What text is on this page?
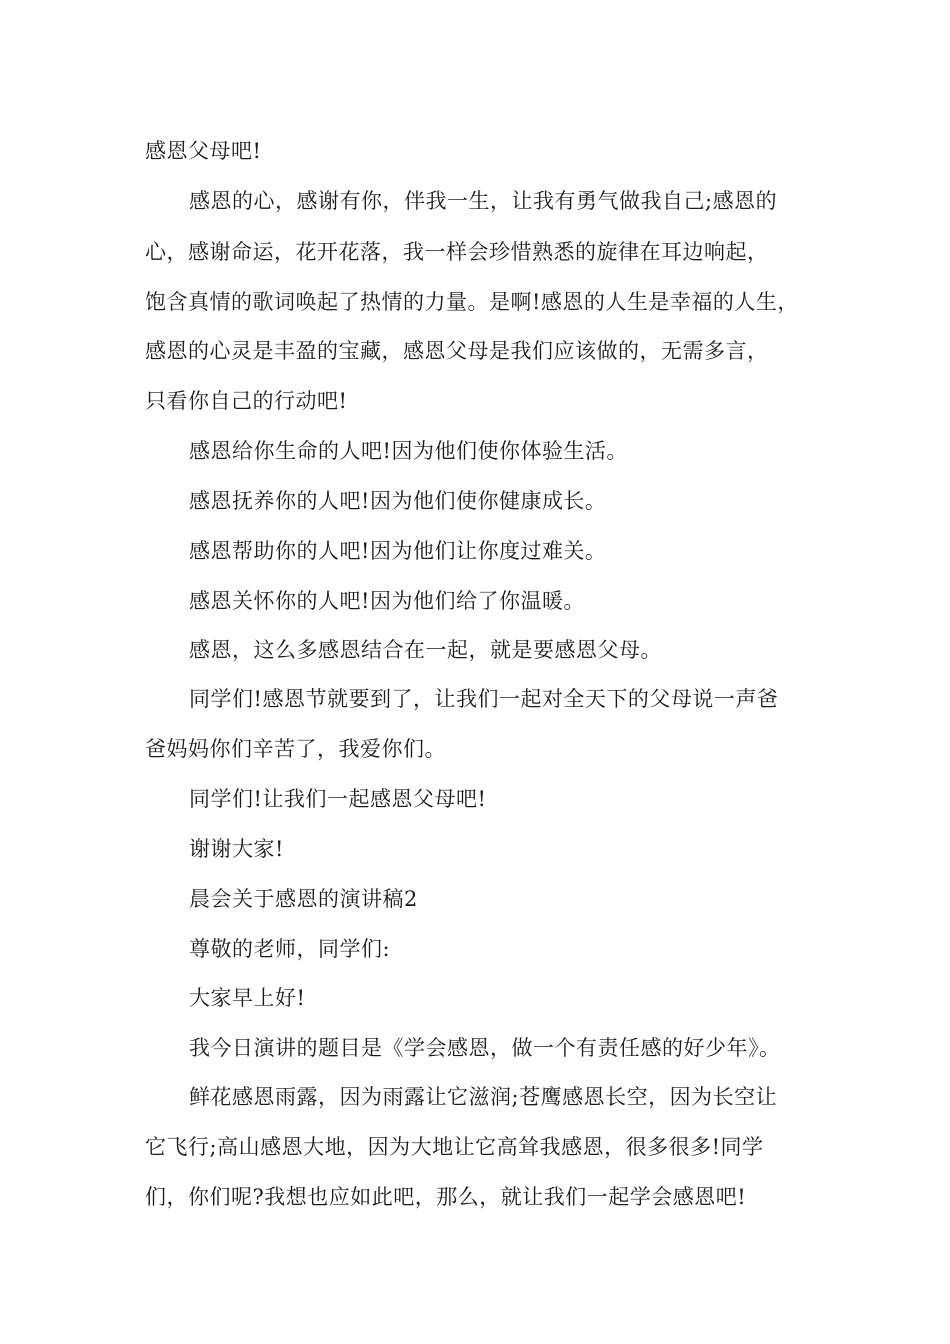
感恩父母吧!
感恩的心，感谢有你，伴我一生，让我有勇气做我自己;感恩的
心，感谢命运，花开花落，我一样会珍惜熟悉的旋律在耳边响起，
饱含真情的歌词唤起了热情的力量。是啊!感恩的人生是幸福的人生，
感恩的心灵是丰盈的宝藏，感恩父母是我们应该做的，无需多言，
只看你自己的行动吧!
感恩给你生命的人吧!因为他们使你体验生活。
感恩抚养你的人吧!因为他们使你健康成长。
感恩帮助你的人吧!因为他们让你度过难关。
感恩关怀你的人吧!因为他们给了你温暖。
感恩，这么多感恩结合在一起，就是要感恩父母。
同学们!感恩节就要到了，让我们一起对全天下的父母说一声爸
爸妈妈你们辛苦了，我爱你们。
同学们!让我们一起感恩父母吧!
谢谢大家!
晨会关于感恩的演讲稿2
尊敬的老师，同学们:
大家早上好!
我今日演讲的题目是《学会感恩，做一个有责任感的好少年》。
鲜花感恩雨露，因为雨露让它滋润;苍鹰感恩长空，因为长空让
它飞行;高山感恩大地，因为大地让它高耸我感恩，很多很多!同学
们，你们呢?我想也应如此吧，那么，就让我们一起学会感恩吧!
